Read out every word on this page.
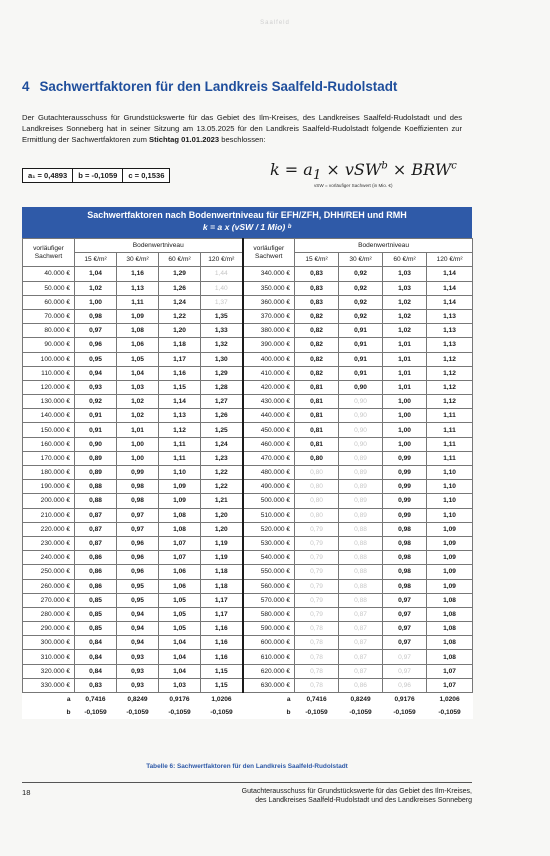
Saalfeld
4 Sachwertfaktoren für den Landkreis Saalfeld-Rudolstadt
Der Gutachterausschuss für Grundstückswerte für das Gebiet des Ilm-Kreises, des Landkreises Saalfeld-Rudolstadt und des Landkreises Sonneberg hat in seiner Sitzung am 13.05.2025 für den Landkreis Saalfeld-Rudolstadt folgende Koeffizienten zur Ermittlung der Sachwertfaktoren zum Stichtag 01.01.2023 beschlossen:
a₁ = 0,4893	b = -0,1059	c = 0,1536	$k = a_1 \times vSW^b \times BRW^c$
vSW = vorläufiger Sachwert (in Mio. €)
Sachwertfaktoren nach Bodenwertniveau für EFH/ZFH, DHH/REH und RMH
k = a x (vSW / 1 Mio) ᵇ
vorläufiger
Sachwert	Bodenwertniveau				vorläufiger
Sachwert	Bodenwertniveau			
	15 €/m²	30 €/m²	60 €/m²	120 €/m²		15 €/m²	30 €/m²	60 €/m²	120 €/m²
40.000 €	1,04	1,16	1,29	1,44	340.000 €	0,83	0,92	1,03	1,14
50.000 €	1,02	1,13	1,26	1,40	350.000 €	0,83	0,92	1,03	1,14
60.000 €	1,00	1,11	1,24	1,37	360.000 €	0,83	0,92	1,02	1,14
70.000 €	0,98	1,09	1,22	1,35	370.000 €	0,82	0,92	1,02	1,13
80.000 €	0,97	1,08	1,20	1,33	380.000 €	0,82	0,91	1,02	1,13
90.000 €	0,96	1,06	1,18	1,32	390.000 €	0,82	0,91	1,01	1,13
100.000 €	0,95	1,05	1,17	1,30	400.000 €	0,82	0,91	1,01	1,12
110.000 €	0,94	1,04	1,16	1,29	410.000 €	0,82	0,91	1,01	1,12
120.000 €	0,93	1,03	1,15	1,28	420.000 €	0,81	0,90	1,01	1,12
130.000 €	0,92	1,02	1,14	1,27	430.000 €	0,81	0,90	1,00	1,12
140.000 €	0,91	1,02	1,13	1,26	440.000 €	0,81	0,90	1,00	1,11
150.000 €	0,91	1,01	1,12	1,25	450.000 €	0,81	0,90	1,00	1,11
160.000 €	0,90	1,00	1,11	1,24	460.000 €	0,81	0,90	1,00	1,11
170.000 €	0,89	1,00	1,11	1,23	470.000 €	0,80	0,89	0,99	1,11
180.000 €	0,89	0,99	1,10	1,22	480.000 €	0,80	0,89	0,99	1,10
190.000 €	0,88	0,98	1,09	1,22	490.000 €	0,80	0,89	0,99	1,10
200.000 €	0,88	0,98	1,09	1,21	500.000 €	0,80	0,89	0,99	1,10
210.000 €	0,87	0,97	1,08	1,20	510.000 €	0,80	0,89	0,99	1,10
220.000 €	0,87	0,97	1,08	1,20	520.000 €	0,79	0,88	0,98	1,09
230.000 €	0,87	0,96	1,07	1,19	530.000 €	0,79	0,88	0,98	1,09
240.000 €	0,86	0,96	1,07	1,19	540.000 €	0,79	0,88	0,98	1,09
250.000 €	0,86	0,96	1,06	1,18	550.000 €	0,79	0,88	0,98	1,09
260.000 €	0,86	0,95	1,06	1,18	560.000 €	0,79	0,88	0,98	1,09
270.000 €	0,85	0,95	1,05	1,17	570.000 €	0,79	0,88	0,97	1,08
280.000 €	0,85	0,94	1,05	1,17	580.000 €	0,79	0,87	0,97	1,08
290.000 €	0,85	0,94	1,05	1,16	590.000 €	0,78	0,87	0,97	1,08
300.000 €	0,84	0,94	1,04	1,16	600.000 €	0,78	0,87	0,97	1,08
310.000 €	0,84	0,93	1,04	1,16	610.000 €	0,78	0,87	0,97	1,08
320.000 €	0,84	0,93	1,04	1,15	620.000 €	0,78	0,87	0,97	1,07
330.000 €	0,83	0,93	1,03	1,15	630.000 €	0,78	0,86	0,96	1,07
a	0,7416	0,8249	0,9176	1,0206	a	0,7416	0,8249	0,9176	1,0206
b	-0,1059	-0,1059	-0,1059	-0,1059	b	-0,1059	-0,1059	-0,1059	-0,1059
Tabelle 6: Sachwertfaktoren für den Landkreis Saalfeld-Rudolstadt
18	Gutachterausschuss für Grundstückswerte für das Gebiet des Ilm-Kreises,
des Landkreises Saalfeld-Rudolstadt und des Landkreises Sonneberg
